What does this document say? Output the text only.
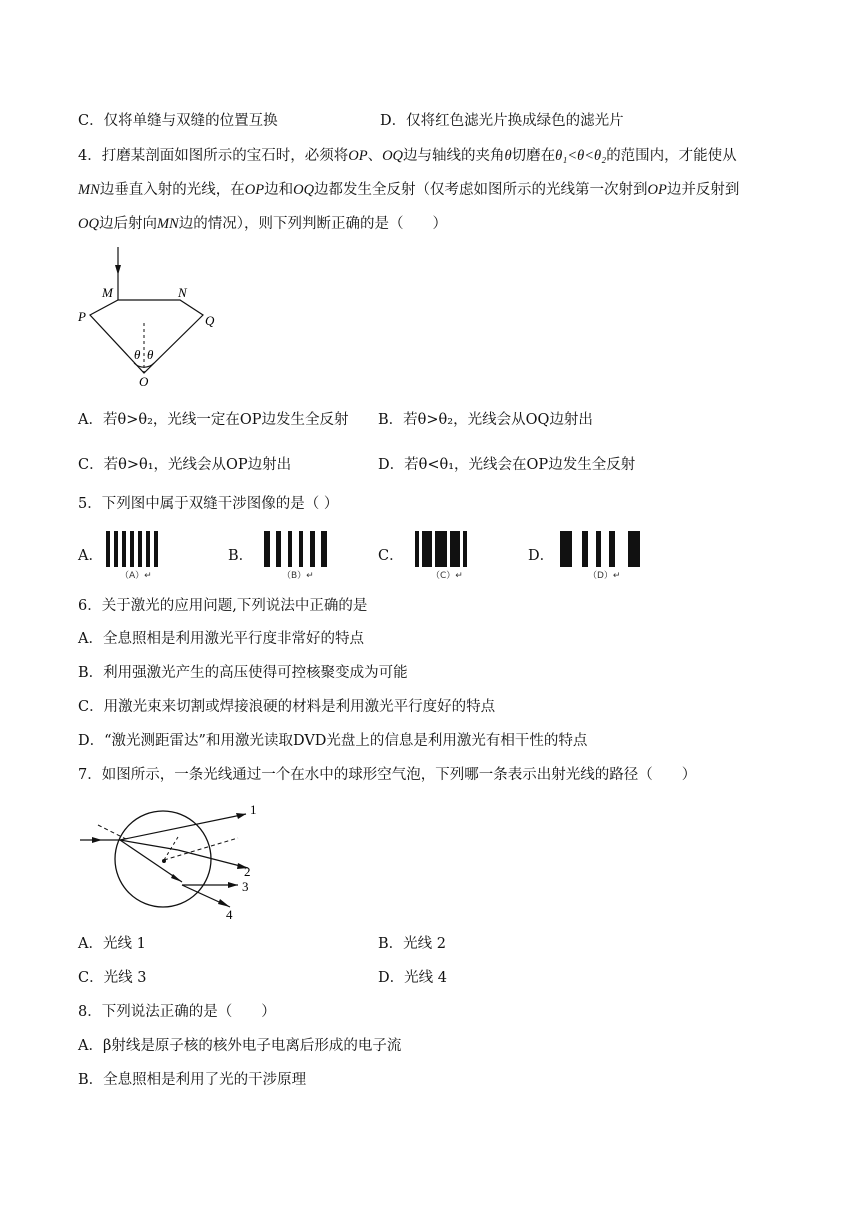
C．仅将单缝与双缝的位置互换	D．仅将红色滤光片换成绿色的滤光片
4．打磨某剖面如图所示的宝石时，必须将OP、OQ边与轴线的夹角θ切磨在θ₁<θ<θ₂的范围内，才能使从
MN边垂直入射的光线，在OP边和OQ边都发生全反射（仅考虑如图所示的光线第一次射到OP边并反射到
OQ边后射向MN边的情况），则下列判断正确的是（　　）
M	N
P	Q
O
θ θ
A．若θ>θ₂，光线一定在OP边发生全反射 B．若θ>θ₂，光线会从OQ边射出
C．若θ>θ₁，光线会从OP边射出	D．若θ<θ₁，光线会在OP边发生全反射
5．下列图中属于双缝干涉图像的是（ ）
A．	B．	C．	D．
（A）↵	（B）↵	（C）↵	（D）↵
6．关于激光的应用问题,下列说法中正确的是
A．全息照相是利用激光平行度非常好的特点
B．利用强激光产生的高压使得可控核聚变成为可能
C．用激光束来切割或焊接浪硬的材料是利用激光平行度好的特点
D．“激光测距雷达”和用激光读取DVD光盘上的信息是利用激光有相干性的特点
7．如图所示，一条光线通过一个在水中的球形空气泡，下列哪一条表示出射光线的路径（　　）
1
2
3
4
A．光线 1	B．光线 2
C．光线 3	D．光线 4
8．下列说法正确的是（　　）
A．β射线是原子核的核外电子电离后形成的电子流
B．全息照相是利用了光的干涉原理
